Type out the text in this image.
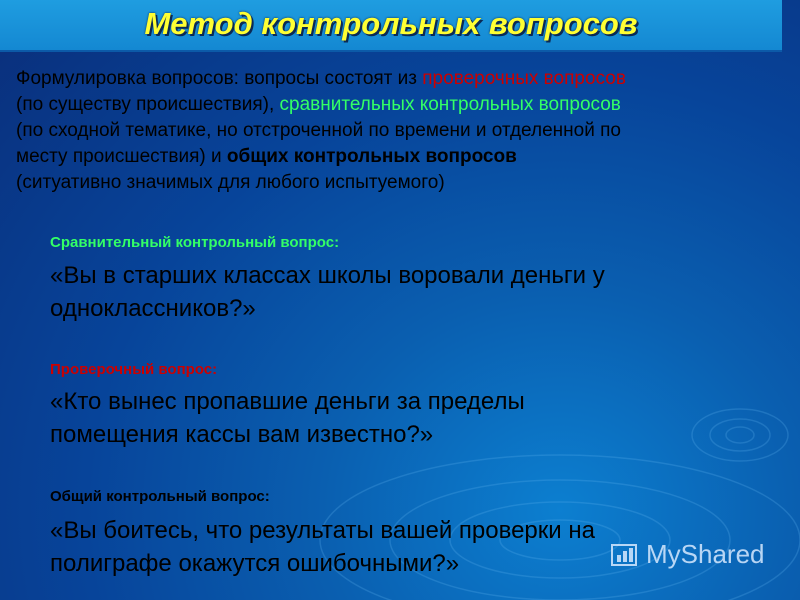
Метод контрольных вопросов
Формулировка вопросов: вопросы состоят из проверочных вопросов
(по существу происшествия), сравнительных контрольных вопросов
(по сходной тематике, но отстроченной по времени и отделенной по
месту происшествия) и общих контрольных вопросов
(ситуативно значимых для любого испытуемого)
Сравнительный контрольный вопрос:
«Вы в старших классах школы воровали деньги у
одноклассников?»
Проверочный вопрос:
«Кто вынес пропавшие деньги за пределы
помещения кассы вам известно?»
Общий контрольный вопрос:
«Вы боитесь, что результаты вашей проверки на
полиграфе окажутся ошибочными?»	MyShared
